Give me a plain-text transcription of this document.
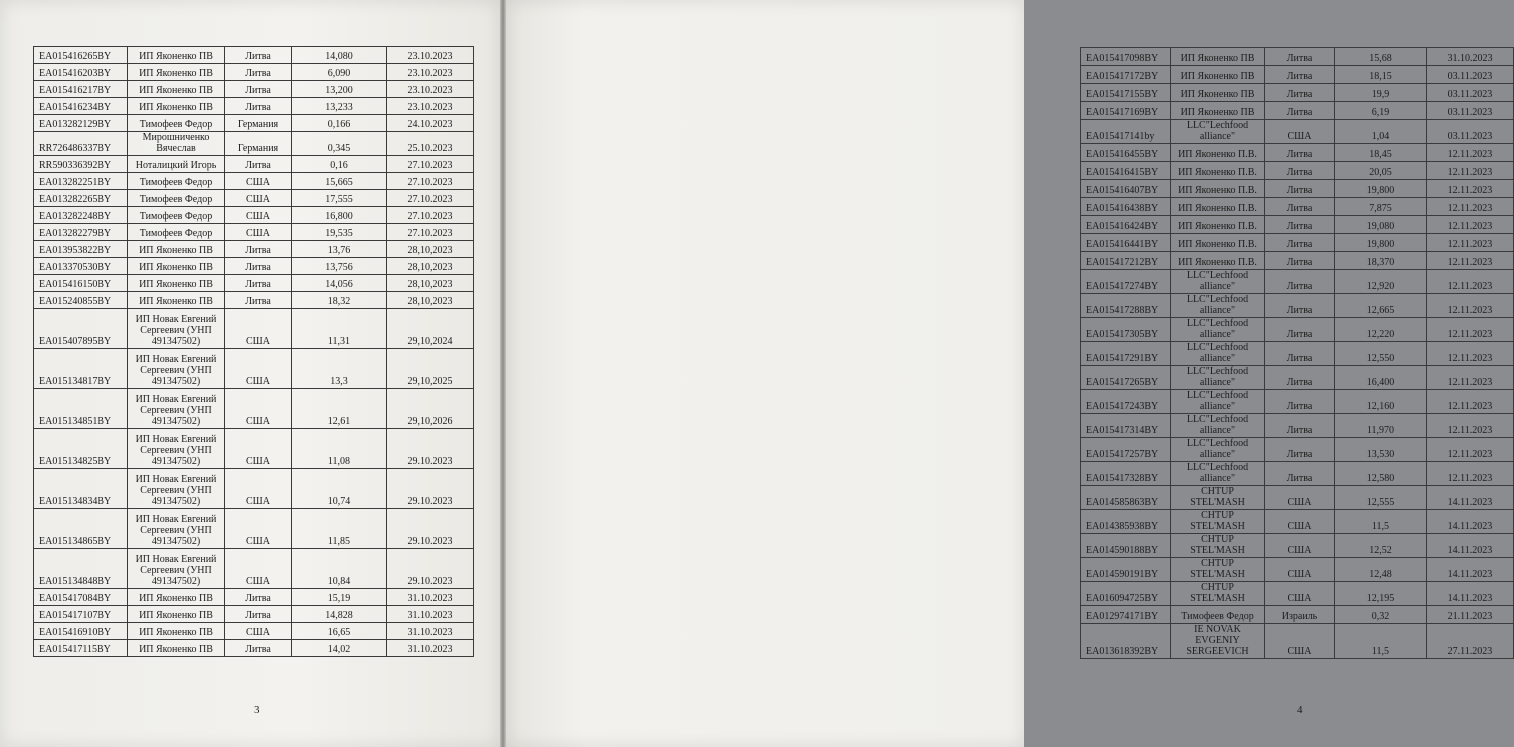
EA015416265BY	ИП Яконенко ПВ	Литва	14,080	23.10.2023
EA015416203BY	ИП Яконенко ПВ	Литва	6,090	23.10.2023
EA015416217BY	ИП Яконенко ПВ	Литва	13,200	23.10.2023
EA015416234BY	ИП Яконенко ПВ	Литва	13,233	23.10.2023
EA013282129BY	Тимофеев Федор	Германия	0,166	24.10.2023
RR726486337BY	Мирошниченко Вячеслав	Германия	0,345	25.10.2023
RR590336392BY	Ноталицкий Игорь	Литва	0,16	27.10.2023
EA013282251BY	Тимофеев Федор	США	15,665	27.10.2023
EA013282265BY	Тимофеев Федор	США	17,555	27.10.2023
EA013282248BY	Тимофеев Федор	США	16,800	27.10.2023
EA013282279BY	Тимофеев Федор	США	19,535	27.10.2023
EA013953822BY	ИП Яконенко ПВ	Литва	13,76	28,10,2023
EA013370530BY	ИП Яконенко ПВ	Литва	13,756	28,10,2023
EA015416150BY	ИП Яконенко ПВ	Литва	14,056	28,10,2023
EA015240855BY	ИП Яконенко ПВ	Литва	18,32	28,10,2023
EA015407895BY	ИП Новак Евгений Сергеевич (УНП 491347502)	США	11,31	29,10,2024
EA015134817BY	ИП Новак Евгений Сергеевич (УНП 491347502)	США	13,3	29,10,2025
EA015134851BY	ИП Новак Евгений Сергеевич (УНП 491347502)	США	12,61	29,10,2026
EA015134825BY	ИП Новак Евгений Сергеевич (УНП 491347502)	США	11,08	29.10.2023
EA015134834BY	ИП Новак Евгений Сергеевич (УНП 491347502)	США	10,74	29.10.2023
EA015134865BY	ИП Новак Евгений Сергеевич (УНП 491347502)	США	11,85	29.10.2023
EA015134848BY	ИП Новак Евгений Сергеевич (УНП 491347502)	США	10,84	29.10.2023
EA015417084BY	ИП Яконенко ПВ	Литва	15,19	31.10.2023
EA015417107BY	ИП Яконенко ПВ	Литва	14,828	31.10.2023
EA015416910BY	ИП Яконенко ПВ	США	16,65	31.10.2023
EA015417115BY	ИП Яконенко ПВ	Литва	14,02	31.10.2023
3
EA015417098BY	ИП Яконенко ПВ	Литва	15,68	31.10.2023
EA015417172BY	ИП Яконенко ПВ	Литва	18,15	03.11.2023
EA015417155BY	ИП Яконенко ПВ	Литва	19,9	03.11.2023
EA015417169BY	ИП Яконенко ПВ	Литва	6,19	03.11.2023
EA015417141by	LLC"Lechfood alliance"	США	1,04	03.11.2023
EA015416455BY	ИП Яконенко П.В.	Литва	18,45	12.11.2023
EA015416415BY	ИП Яконенко П.В.	Литва	20,05	12.11.2023
EA015416407BY	ИП Яконенко П.В.	Литва	19,800	12.11.2023
EA015416438BY	ИП Яконенко П.В.	Литва	7,875	12.11.2023
EA015416424BY	ИП Яконенко П.В.	Литва	19,080	12.11.2023
EA015416441BY	ИП Яконенко П.В.	Литва	19,800	12.11.2023
EA015417212BY	ИП Яконенко П.В.	Литва	18,370	12.11.2023
EA015417274BY	LLC"Lechfood alliance"	Литва	12,920	12.11.2023
EA015417288BY	LLC"Lechfood alliance"	Литва	12,665	12.11.2023
EA015417305BY	LLC"Lechfood alliance"	Литва	12,220	12.11.2023
EA015417291BY	LLC"Lechfood alliance"	Литва	12,550	12.11.2023
EA015417265BY	LLC"Lechfood alliance"	Литва	16,400	12.11.2023
EA015417243BY	LLC"Lechfood alliance"	Литва	12,160	12.11.2023
EA015417314BY	LLC"Lechfood alliance"	Литва	11,970	12.11.2023
EA015417257BY	LLC"Lechfood alliance"	Литва	13,530	12.11.2023
EA015417328BY	LLC"Lechfood alliance"	Литва	12,580	12.11.2023
EA014585863BY	CHTUP STEL'MASH	США	12,555	14.11.2023
EA014385938BY	CHTUP STEL'MASH	США	11,5	14.11.2023
EA014590188BY	CHTUP STEL'MASH	США	12,52	14.11.2023
EA014590191BY	CHTUP STEL'MASH	США	12,48	14.11.2023
EA016094725BY	CHTUP STEL'MASH	США	12,195	14.11.2023
EA012974171BY	Тимофеев Федор	Израиль	0,32	21.11.2023
EA013618392BY	IE NOVAK EVGENIY SERGEEVICH	США	11,5	27.11.2023
4
